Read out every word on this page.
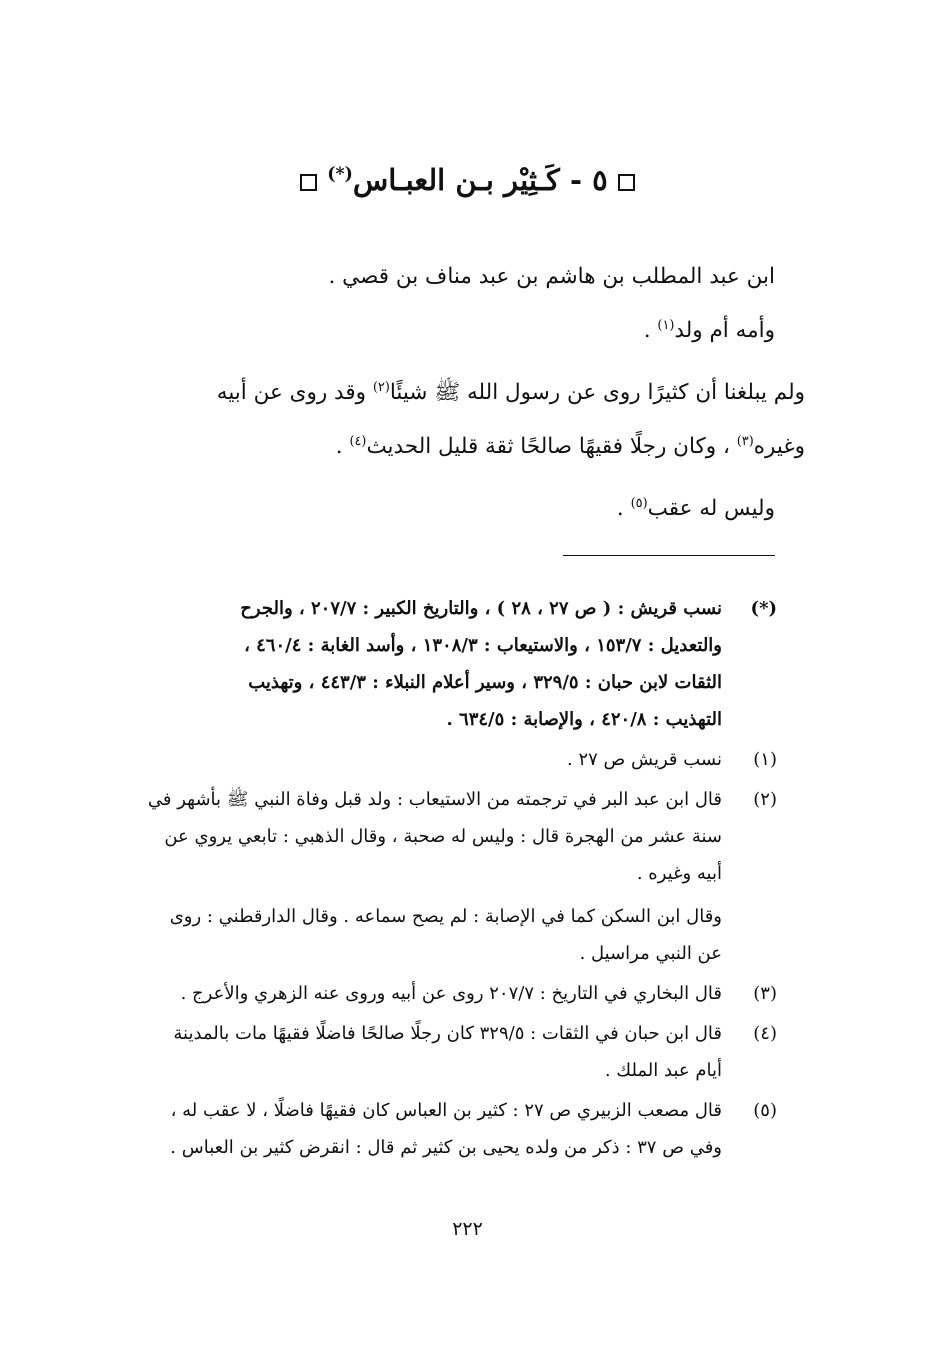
٥ - كَـثِيْر بـن العبـاس(*)

ابن عبد المطلب بن هاشم بن عبد مناف بن قصي .

وأمه أم ولد$^{(١)}$ .

ولم يبلغنا أن كثيرًا روى عن رسول الله ﷺ شيئًا$^{(٢)}$ وقد روى عن أبيه
وغيره$^{(٣)}$ ، وكان رجلًا فقيهًا صالحًا ثقة قليل الحديث$^{(٤)}$ .

وليس له عقب$^{(٥)}$ .

(*)
نسب قريش : ( ص ٢٧ ، ٢٨ ) ، والتاريخ الكبير : ٢٠٧/٧ ، والجرح
والتعديل : ١٥٣/٧ ، والاستيعاب : ١٣٠٨/٣ ، وأسد الغابة : ٤٦٠/٤ ،
الثقات لابن حبان : ٣٢٩/٥ ، وسير أعلام النبلاء : ٤٤٣/٣ ، وتهذيب
التهذيب : ٤٢٠/٨ ، والإصابة : ٦٣٤/٥ .
(١)
نسب قريش ص ٢٧ .
(٢)
قال ابن عبد البر في ترجمته من الاستيعاب : ولد قبل وفاة النبي ﷺ بأشهر في
سنة عشر من الهجرة قال : وليس له صحبة ، وقال الذهبي : تابعي يروي عن
أبيه وغيره .
وقال ابن السكن كما في الإصابة : لم يصح سماعه . وقال الدارقطني : روى
عن النبي مراسيل .
(٣)
قال البخاري في التاريخ : ٢٠٧/٧ روى عن أبيه وروى عنه الزهري والأعرج .
(٤)
قال ابن حبان في الثقات : ٣٢٩/٥ كان رجلًا صالحًا فاضلًا فقيهًا مات بالمدينة
أيام عبد الملك .
(٥)
قال مصعب الزبيري ص ٢٧ : كثير بن العباس كان فقيهًا فاضلًا ، لا عقب له ،
وفي ص ٣٧ : ذكر من ولده يحيى بن كثير ثم قال : انقرض كثير بن العباس .
٢٢٢
